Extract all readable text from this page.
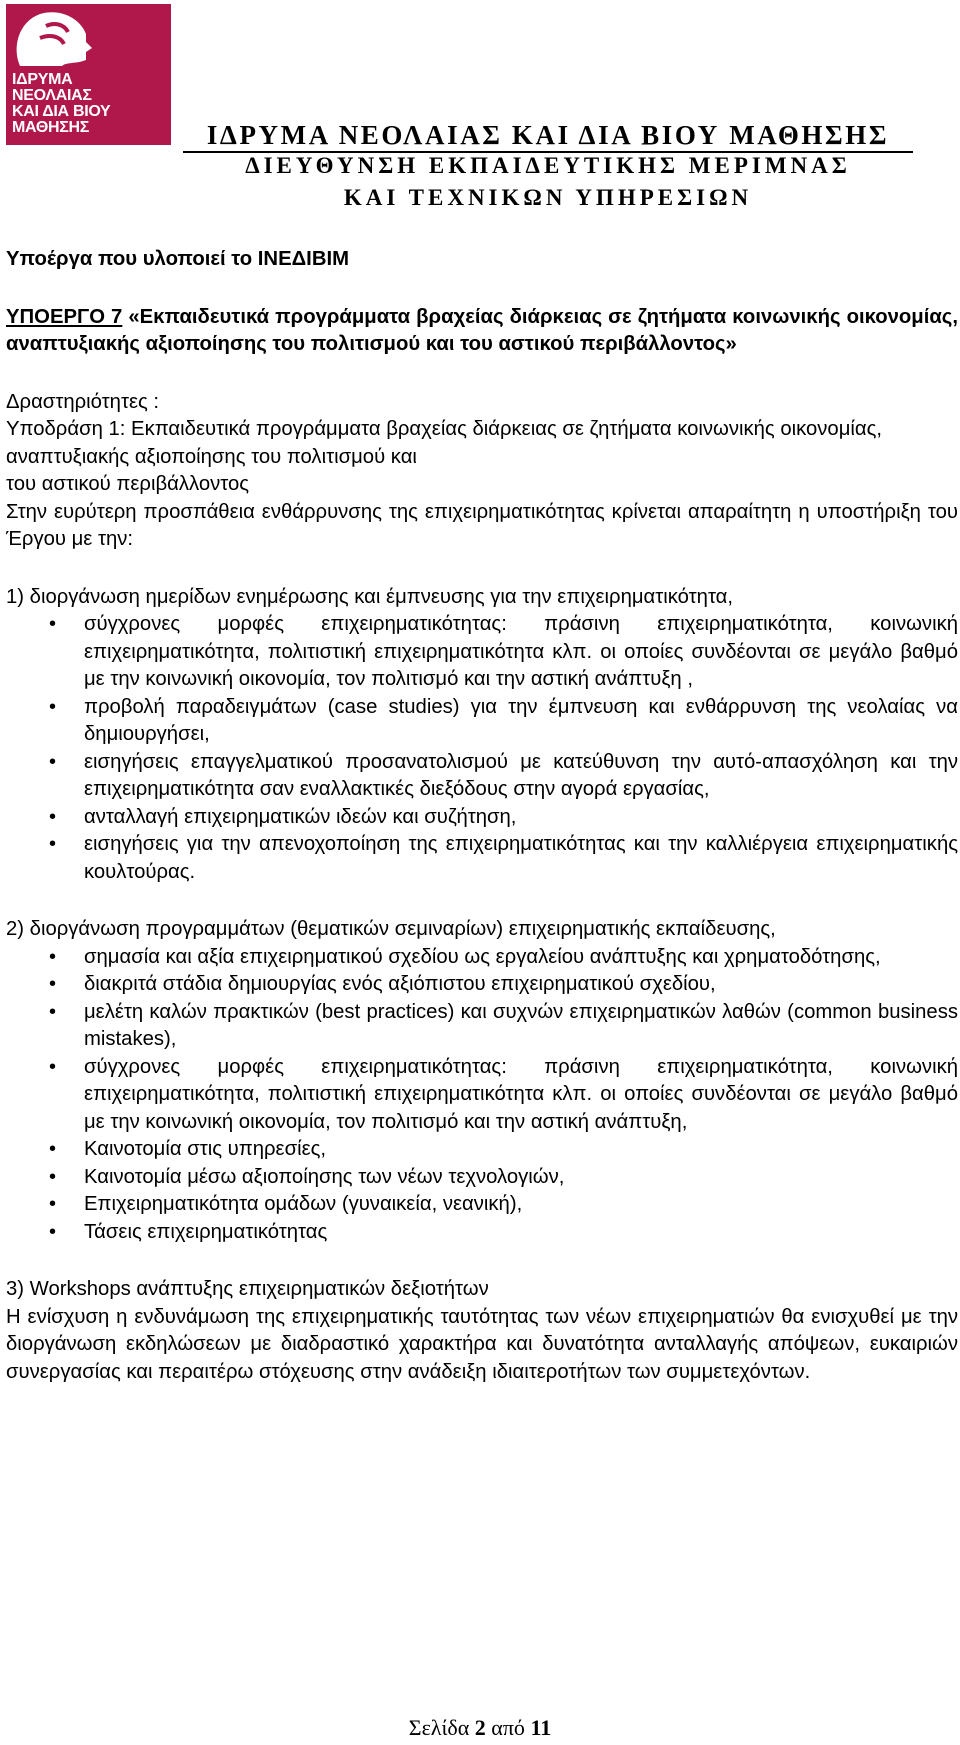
ΙΔΡΥΜΑ
ΝΕΟΛΑΙΑΣ
ΚΑΙ ΔΙΑ ΒΙΟΥ
ΜΑΘΗΣΗΣ	ΙΔΡΥΜΑ ΝΕΟΛΑΙΑΣ ΚΑΙ ΔΙΑ ΒΙΟΥ ΜΑΘΗΣΗΣ
ΔΙΕΥΘΥΝΣΗ ΕΚΠΑΙΔΕΥΤΙΚΗΣ ΜΕΡΙΜΝΑΣ
ΚΑΙ ΤΕΧΝΙΚΩΝ ΥΠΗΡΕΣΙΩΝ

Υποέργα που υλοποιεί το ΙΝΕΔΙΒΙΜ

ΥΠΟΕΡΓΟ 7 «Εκπαιδευτικά προγράμματα βραχείας διάρκειας σε ζητήματα κοινωνικής οικονομίας, αναπτυξιακής αξιοποίησης του πολιτισμού και του αστικού περιβάλλοντος»

Δραστηριότητες :

Υποδράση 1: Εκπαιδευτικά προγράμματα βραχείας διάρκειας σε ζητήματα κοινωνικής οικονομίας, αναπτυξιακής αξιοποίησης του πολιτισμού και

του αστικού περιβάλλοντος

Στην ευρύτερη προσπάθεια ενθάρρυνσης της επιχειρηματικότητας κρίνεται απαραίτητη η υποστήριξη του Έργου με την:

1) διοργάνωση ημερίδων ενημέρωσης και έμπνευσης για την επιχειρηματικότητα,

• σύγχρονες μορφές επιχειρηματικότητας: πράσινη επιχειρηματικότητα, κοινωνική επιχειρηματικότητα, πολιτιστική επιχειρηματικότητα κλπ. οι οποίες συνδέονται σε μεγάλο βαθμό με την κοινωνική οικονομία, τον πολιτισμό και την αστική ανάπτυξη ,
• προβολή παραδειγμάτων (case studies) για την έμπνευση και ενθάρρυνση της νεολαίας να δημιουργήσει,
• εισηγήσεις επαγγελματικού προσανατολισμού με κατεύθυνση την αυτό-απασχόληση και την επιχειρηματικότητα σαν εναλλακτικές διεξόδους στην αγορά εργασίας,
• ανταλλαγή επιχειρηματικών ιδεών και συζήτηση,
• εισηγήσεις για την απενοχοποίηση της επιχειρηματικότητας και την καλλιέργεια επιχειρηματικής κουλτούρας.

2) διοργάνωση προγραμμάτων (θεματικών σεμιναρίων) επιχειρηματικής εκπαίδευσης,

• σημασία και αξία επιχειρηματικού σχεδίου ως εργαλείου ανάπτυξης και χρηματοδότησης,
• διακριτά στάδια δημιουργίας ενός αξιόπιστου επιχειρηματικού σχεδίου,
• μελέτη καλών πρακτικών (best practices) και συχνών επιχειρηματικών λαθών (common business mistakes),
• σύγχρονες μορφές επιχειρηματικότητας: πράσινη επιχειρηματικότητα, κοινωνική επιχειρηματικότητα, πολιτιστική επιχειρηματικότητα κλπ. οι οποίες συνδέονται σε μεγάλο βαθμό με την κοινωνική οικονομία, τον πολιτισμό και την αστική ανάπτυξη,
• Καινοτομία στις υπηρεσίες,
• Καινοτομία μέσω αξιοποίησης των νέων τεχνολογιών,
• Επιχειρηματικότητα ομάδων (γυναικεία, νεανική),
• Τάσεις επιχειρηματικότητας

3) Workshops ανάπτυξης επιχειρηματικών δεξιοτήτων

Η ενίσχυση η ενδυνάμωση της επιχειρηματικής ταυτότητας των νέων επιχειρηματιών θα ενισχυθεί με την διοργάνωση εκδηλώσεων με διαδραστικό χαρακτήρα και δυνατότητα ανταλλαγής απόψεων, ευκαιριών συνεργασίας και περαιτέρω στόχευσης στην ανάδειξη ιδιαιτεροτήτων των συμμετεχόντων.

Σελίδα 2 από 11
